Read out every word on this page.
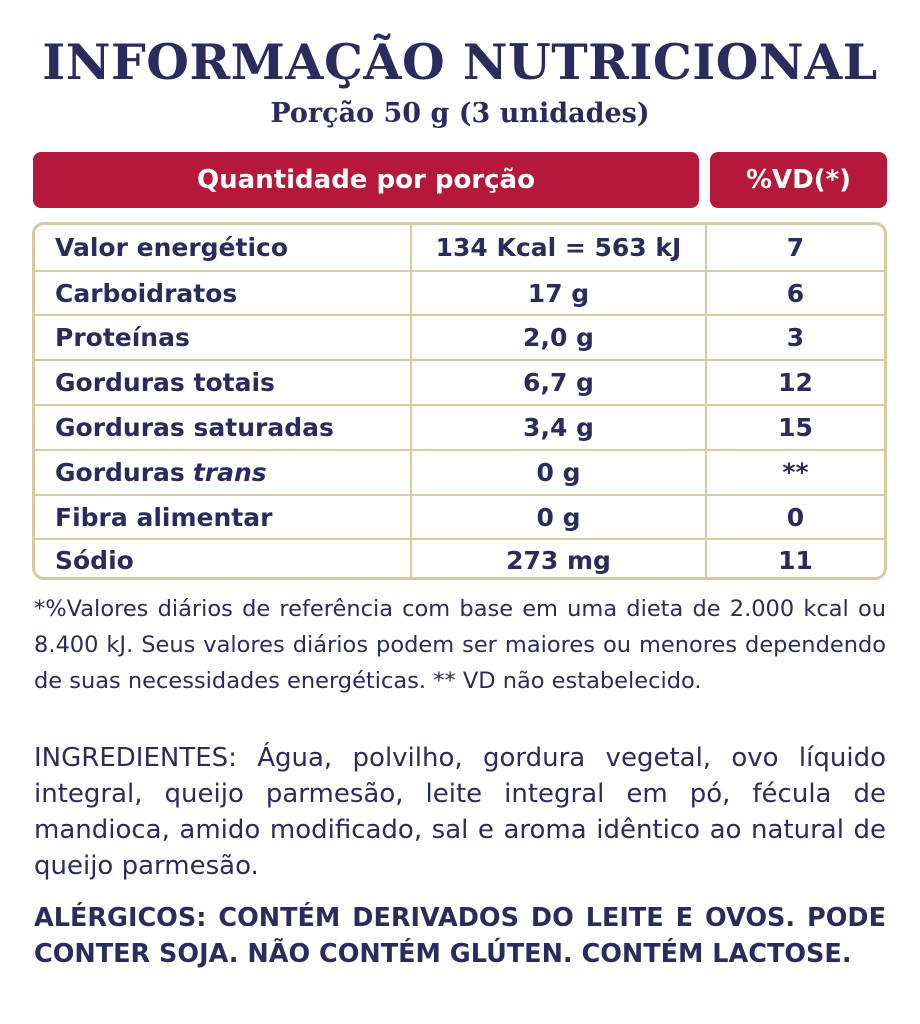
INFORMAÇÃO NUTRICIONAL
Porção 50 g (3 unidades)
Quantidade por porção	%VD(*)
Valor energético	134 Kcal = 563 kJ	7
Carboidratos	17 g	6
Proteínas	2,0 g	3
Gorduras totais	6,7 g	12
Gorduras saturadas	3,4 g	15
Gorduras trans	0 g	**
Fibra alimentar	0 g	0
Sódio	273 mg	11
*%Valores diários de referência com base em uma dieta de 2.000 kcal ou 8.400 kJ. Seus valores diários podem ser maiores ou menores dependendo de suas necessidades energéticas. ** VD não estabelecido.
INGREDIENTES: Água, polvilho, gordura vegetal, ovo líquido integral, queijo parmesão, leite integral em pó, fécula de mandioca, amido modificado, sal e aroma idêntico ao natural de queijo parmesão.
ALÉRGICOS: CONTÉM DERIVADOS DO LEITE E OVOS. PODE CONTER SOJA. NÃO CONTÉM GLÚTEN. CONTÉM LACTOSE.
